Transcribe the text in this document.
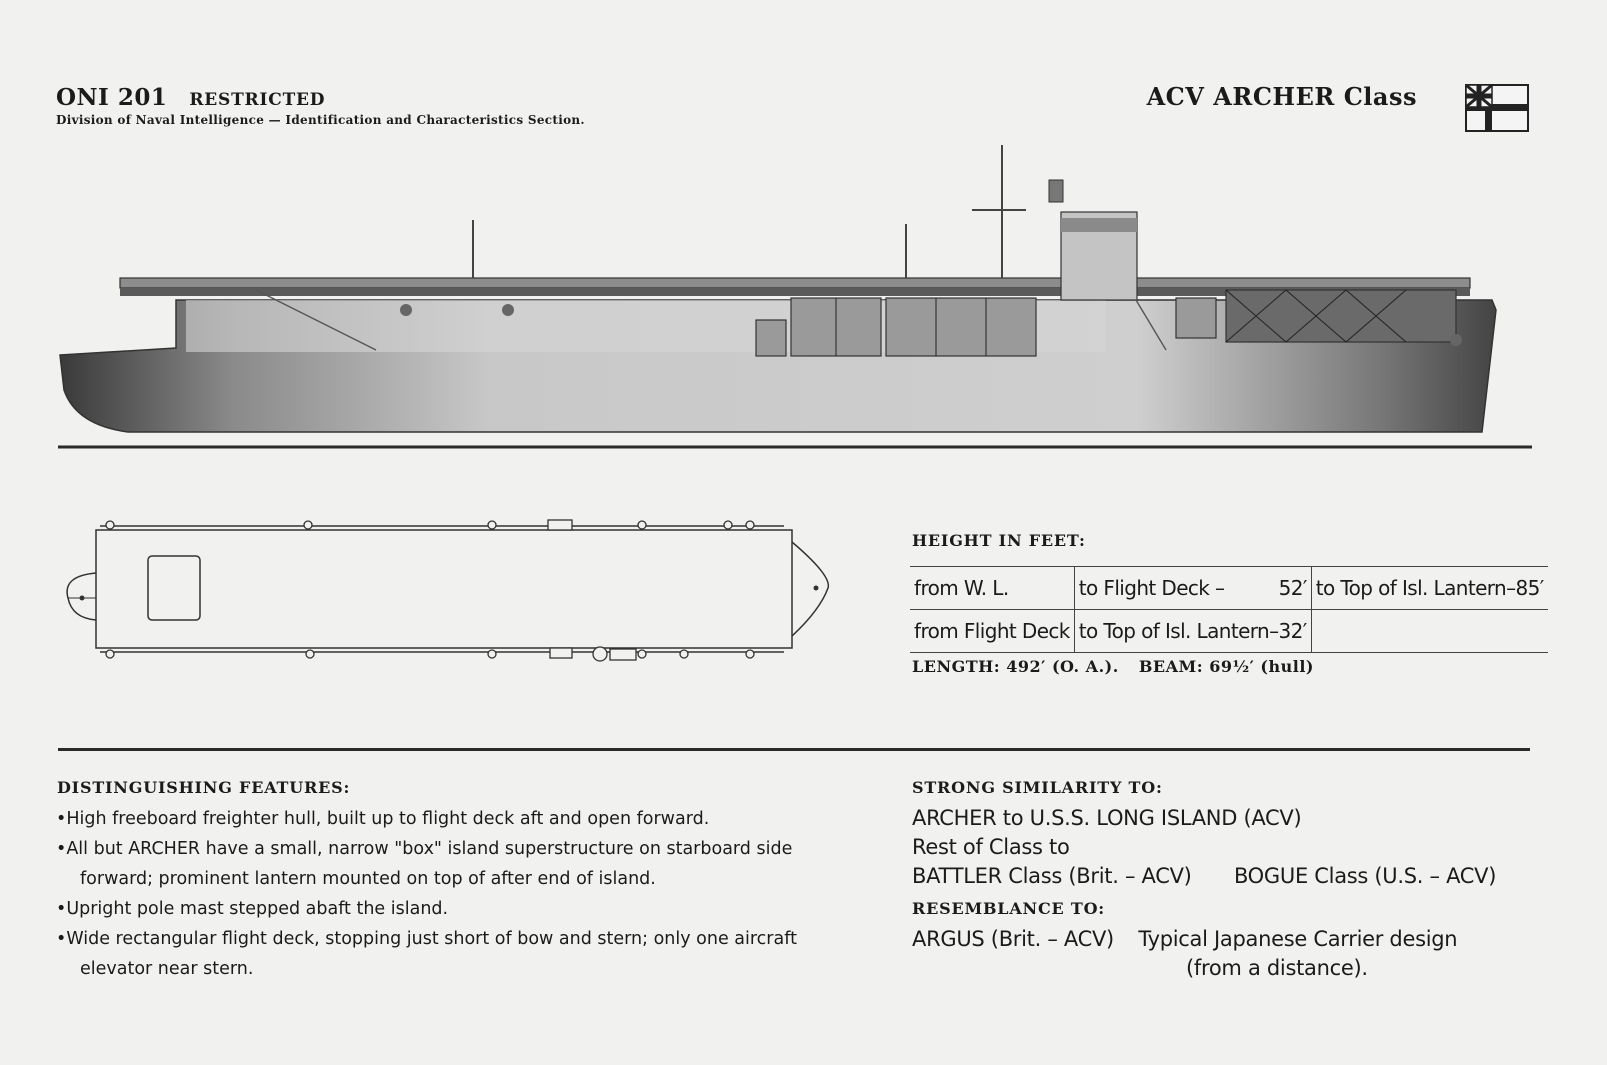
ONI 201 RESTRICTED
Division of Naval Intelligence — Identification and Characteristics Section.
ACV ARCHER Class
HEIGHT IN FEET:
from W. L.	to Flight Deck –	52′	to Top of Isl. Lantern–85′
from Flight Deck	to Top of Isl. Lantern–32′		
LENGTH: 492′ (O. A.). BEAM: 69½′ (hull)
DISTINGUISHING FEATURES:
•High freeboard freighter hull, built up to flight deck aft and open forward.
•All but ARCHER have a small, narrow "box" island superstructure on starboard side
forward; prominent lantern mounted on top of after end of island.
•Upright pole mast stepped abaft the island.
•Wide rectangular flight deck, stopping just short of bow and stern; only one aircraft
elevator near stern.
STRONG SIMILARITY TO:
ARCHER to U.S.S. LONG ISLAND (ACV)
Rest of Class to
BATTLER Class (Brit. – ACV) BOGUE Class (U.S. – ACV)
RESEMBLANCE TO:
ARGUS (Brit. – ACV) Typical Japanese Carrier design
(from a distance).
